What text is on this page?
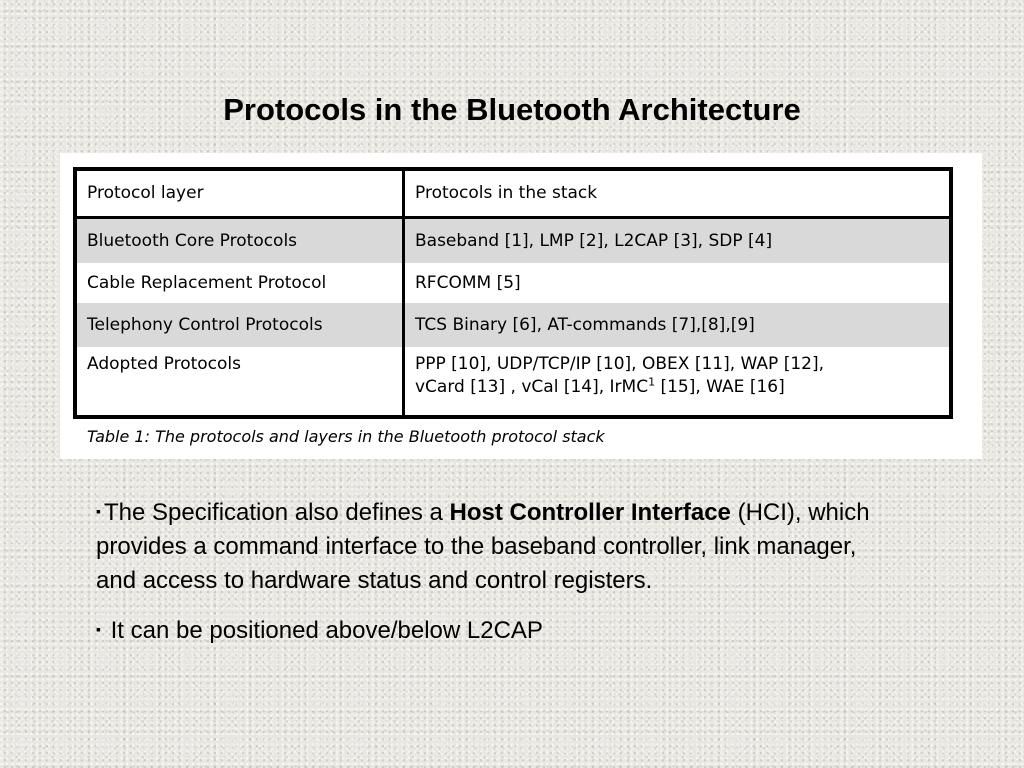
Protocols in the Bluetooth Architecture
Protocol layer	Protocols in the stack
Bluetooth Core Protocols	Baseband [1], LMP [2], L2CAP [3], SDP [4]
Cable Replacement Protocol	RFCOMM [5]
Telephony Control Protocols	TCS Binary [6], AT-commands [7],[8],[9]
Adopted Protocols	PPP [10], UDP/TCP/IP [10], OBEX [11], WAP [12],
vCard [13] , vCal [14], IrMC$^1$ [15], WAE [16]
Table 1: The protocols and layers in the Bluetooth protocol stack

▪ The Specification also defines a Host Controller Interface (HCI), which provides a command interface to the baseband controller, link manager, and access to hardware status and control registers.

▪ It can be positioned above/below L2CAP
